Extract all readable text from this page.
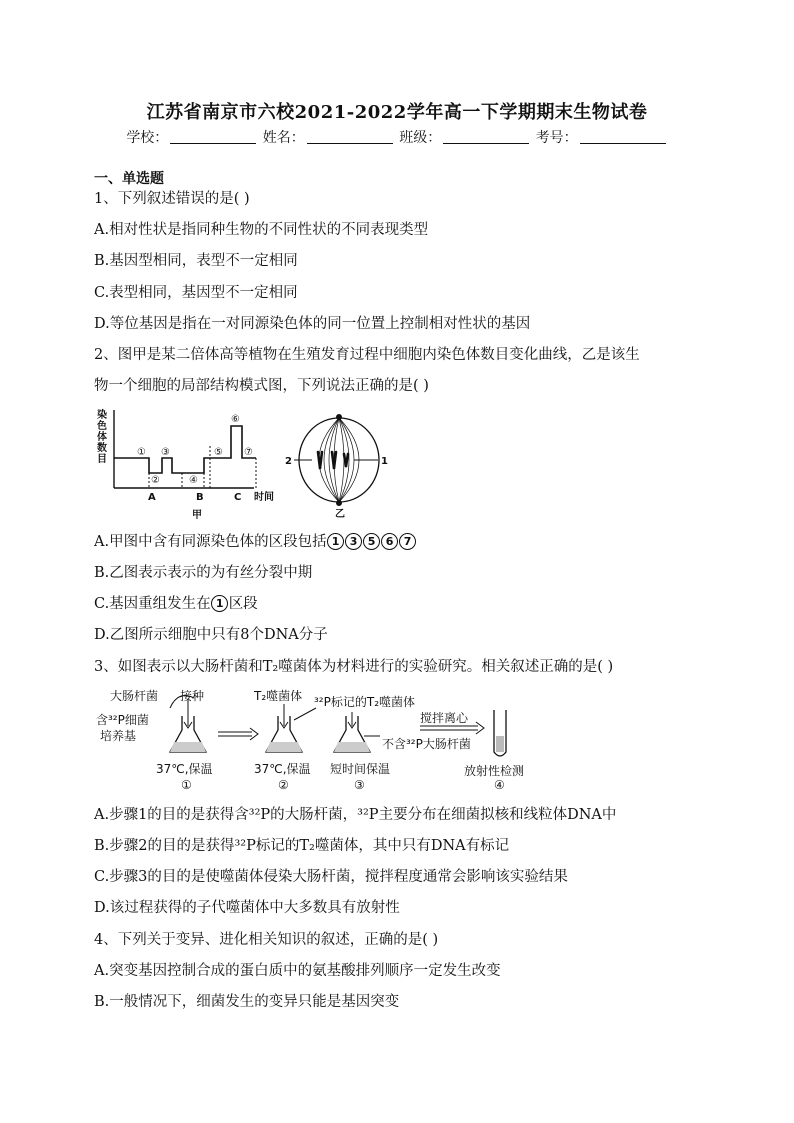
江苏省南京市六校2021-2022学年高一下学期期末生物试卷
学校：	姓名：	班级：	考号：
一、单选题
1、下列叙述错误的是( )
A.相对性状是指同种生物的不同性状的不同表现类型
B.基因型相同，表型不一定相同
C.表型相同，基因型不一定相同
D.等位基因是指在一对同源染色体的同一位置上控制相对性状的基因
2、图甲是某二倍体高等植物在生殖发育过程中细胞内染色体数目变化曲线，乙是该生
物一个细胞的局部结构模式图，下列说法正确的是( )
染
色
体
数
目
①
②
③
④
⑤
⑥
⑦
A	B	C 时间
甲
2	1
乙
A.甲图中含有同源染色体的区段包括 1 3 5 6 7
B.乙图表示表示的为有丝分裂中期
C.基因重组发生在 1 区段
D.乙图所示细胞中只有8个DNA分子
3、如图表示以大肠杆菌和T₂噬菌体为材料进行的实验研究。相关叙述正确的是( )
大肠杆菌 接种
含³²P细菌
培养基
T₂噬菌体 ³²P标记的T₂噬菌体
搅拌离心
不含³²P大肠杆菌
37℃,保温	37℃,保温 短时间保温	放射性检测
①	②	③	④
A.步骤1的目的是获得含³²P的大肠杆菌，³²P主要分布在细菌拟核和线粒体DNA中
B.步骤2的目的是获得³²P标记的T₂噬菌体，其中只有DNA有标记
C.步骤3的目的是使噬菌体侵染大肠杆菌，搅拌程度通常会影响该实验结果
D.该过程获得的子代噬菌体中大多数具有放射性
4、下列关于变异、进化相关知识的叙述，正确的是( )
A.突变基因控制合成的蛋白质中的氨基酸排列顺序一定发生改变
B.一般情况下，细菌发生的变异只能是基因突变
